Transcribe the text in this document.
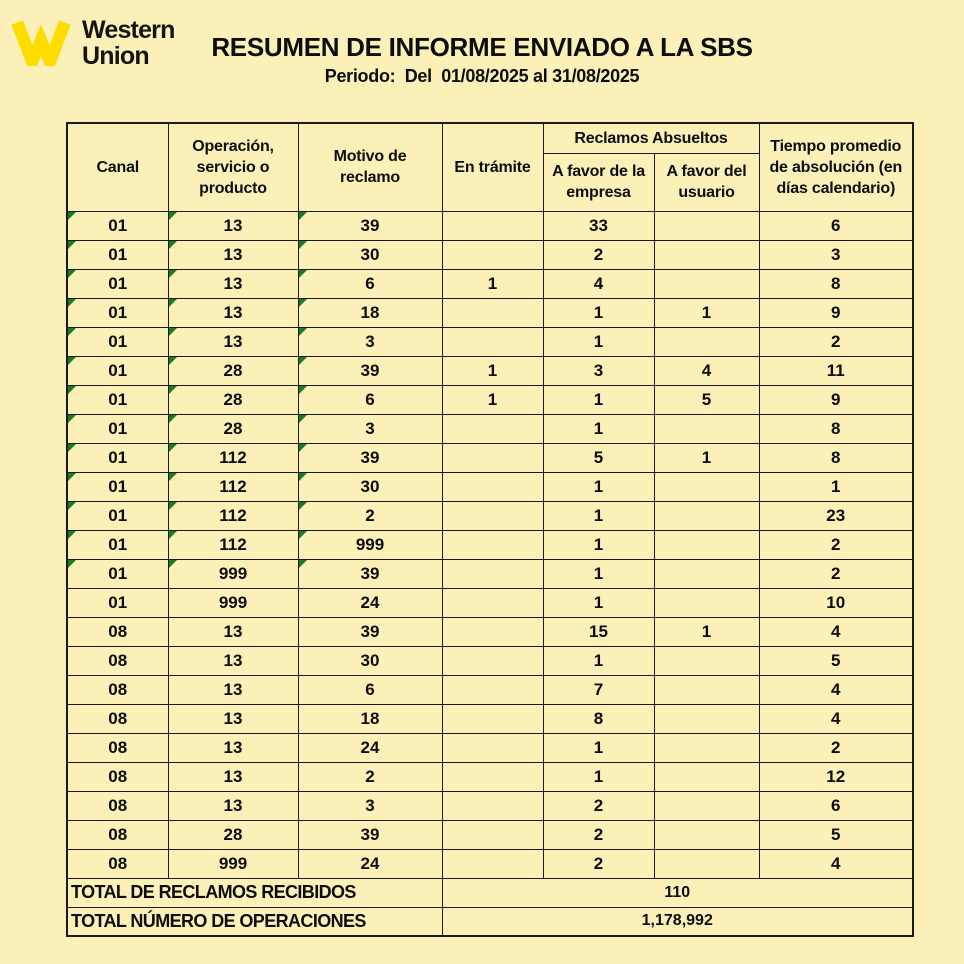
Western
Union	RESUMEN DE INFORME ENVIADO A LA SBS
Periodo:  Del  01/08/2025 al 31/08/2025
Canal	Operación, servicio o producto	Motivo de reclamo	En trámite	Reclamos Absueltos		Tiempo promedio de absolución (en días calendario)
				A favor de la empresa	A favor del usuario	

01	13	39		33		6

01	13	30		2		3

01	13	6	1	4		8

01	13	18		1	1	9

01	13	3		1		2

01	28	39	1	3	4	11

01	28	6	1	1	5	9

01	28	3		1		8

01	112	39		5	1	8

01	112	30		1		1

01	112	2		1		23

01	112	999		1		2

01	999	39		1		2
01	999	24		1		10
08	13	39		15	1	4
08	13	30		1		5
08	13	6		7		4
08	13	18		8		4
08	13	24		1		2
08	13	2		1		12
08	13	3		2		6
08	28	39		2		5
08	999	24		2		4
TOTAL DE RECLAMOS RECIBIDOS			110			
TOTAL NÚMERO DE OPERACIONES			1,178,992			
